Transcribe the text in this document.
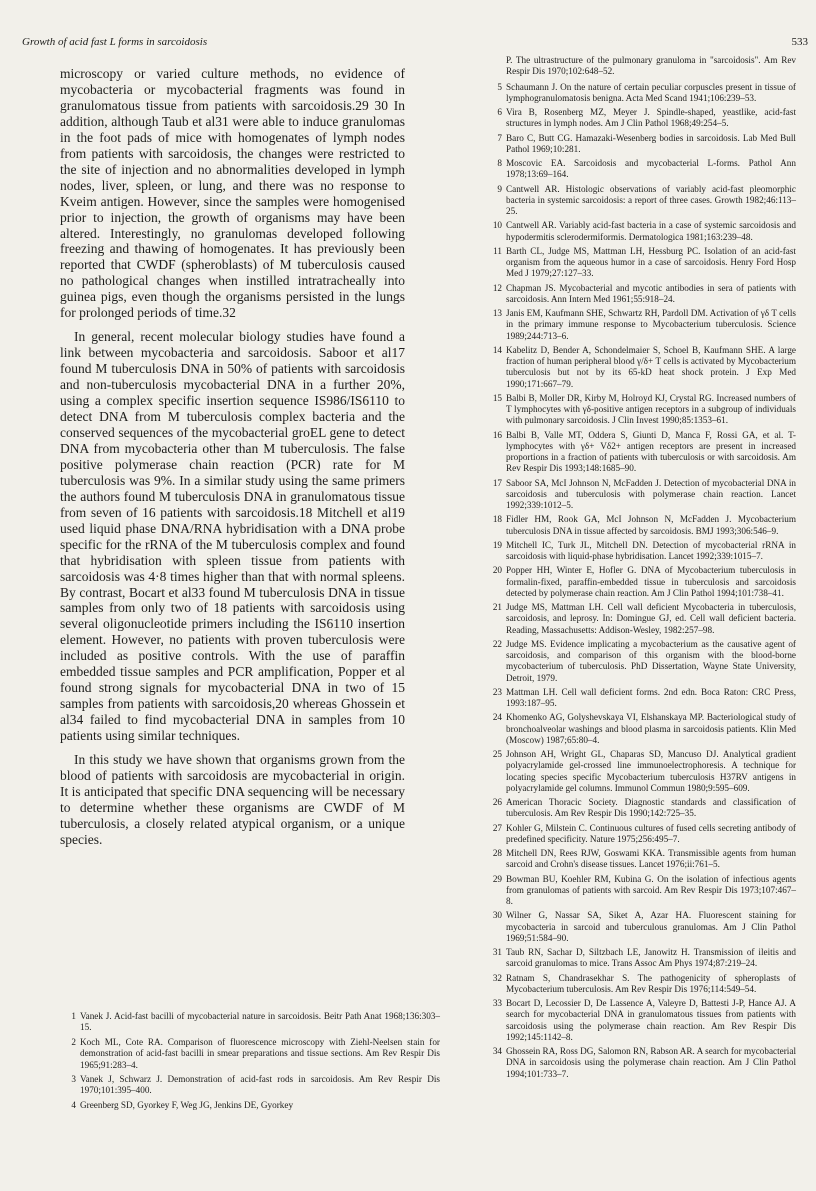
Growth of acid fast L forms in sarcoidosis	533

microscopy or varied culture methods, no evidence of mycobacteria or mycobacterial fragments was found in granulomatous tissue from patients with sarcoidosis.29 30 In addition, although Taub et al31 were able to induce granulomas in the foot pads of mice with homogenates of lymph nodes from patients with sarcoidosis, the changes were restricted to the site of injection and no abnormalities developed in lymph nodes, liver, spleen, or lung, and there was no response to Kveim antigen. However, since the samples were homogenised prior to injection, the growth of organisms may have been altered. Interestingly, no granulomas developed following freezing and thawing of homogenates. It has previously been reported that CWDF (spheroblasts) of M tuberculosis caused no pathological changes when instilled intratracheally into guinea pigs, even though the organisms persisted in the lungs for prolonged periods of time.32

In general, recent molecular biology studies have found a link between mycobacteria and sarcoidosis. Saboor et al17 found M tuberculosis DNA in 50% of patients with sarcoidosis and non-tuberculosis mycobacterial DNA in a further 20%, using a complex specific insertion sequence IS986/IS6110 to detect DNA from M tuberculosis complex bacteria and the conserved sequences of the mycobacterial groEL gene to detect DNA from mycobacteria other than M tuberculosis. The false positive polymerase chain reaction (PCR) rate for M tuberculosis was 9%. In a similar study using the same primers the authors found M tuberculosis DNA in granulomatous tissue from seven of 16 patients with sarcoidosis.18 Mitchell et al19 used liquid phase DNA/RNA hybridisation with a DNA probe specific for the rRNA of the M tuberculosis complex and found that hybridisation with spleen tissue from patients with sarcoidosis was 4·8 times higher than that with normal spleens. By contrast, Bocart et al33 found M tuberculosis DNA in tissue samples from only two of 18 patients with sarcoidosis using several oligonucleotide primers including the IS6110 insertion element. However, no patients with proven tuberculosis were included as positive controls. With the use of paraffin embedded tissue samples and PCR amplification, Popper et al found strong signals for mycobacterial DNA in two of 15 samples from patients with sarcoidosis,20 whereas Ghossein et al34 failed to find mycobacterial DNA in samples from 10 patients using similar techniques.

In this study we have shown that organisms grown from the blood of patients with sarcoidosis are mycobacterial in origin. It is anticipated that specific DNA sequencing will be necessary to determine whether these organisms are CWDF of M tuberculosis, a closely related atypical organism, or a unique species.

1 Vanek J. Acid-fast bacilli of mycobacterial nature in sarcoidosis. Beitr Path Anat 1968;136:303–15.
2 Koch ML, Cote RA. Comparison of fluorescence microscopy with Ziehl-Neelsen stain for demonstration of acid-fast bacilli in smear preparations and tissue sections. Am Rev Respir Dis 1965;91:283–4.
3 Vanek J, Schwarz J. Demonstration of acid-fast rods in sarcoidosis. Am Rev Respir Dis 1970;101:395–400.
4 Greenberg SD, Gyorkey F, Weg JG, Jenkins DE, Gyorkey
P. The ultrastructure of the pulmonary granuloma in "sarcoidosis". Am Rev Respir Dis 1970;102:648–52.
5 Schaumann J. On the nature of certain peculiar corpuscles present in tissue of lymphogranulomatosis benigna. Acta Med Scand 1941;106:239–53.
6 Vira B, Rosenberg MZ, Meyer J. Spindle-shaped, yeastlike, acid-fast structures in lymph nodes. Am J Clin Pathol 1968;49:254–5.
7 Baro C, Butt CG. Hamazaki-Wesenberg bodies in sarcoidosis. Lab Med Bull Pathol 1969;10:281.
8 Moscovic EA. Sarcoidosis and mycobacterial L-forms. Pathol Ann 1978;13:69–164.
9 Cantwell AR. Histologic observations of variably acid-fast pleomorphic bacteria in systemic sarcoidosis: a report of three cases. Growth 1982;46:113–25.
10 Cantwell AR. Variably acid-fast bacteria in a case of systemic sarcoidosis and hypodermitis sclerodermiformis. Dermatologica 1981;163:239–48.
11 Barth CL, Judge MS, Mattman LH, Hessburg PC. Isolation of an acid-fast organism from the aqueous humor in a case of sarcoidosis. Henry Ford Hosp Med J 1979;27:127–33.
12 Chapman JS. Mycobacterial and mycotic antibodies in sera of patients with sarcoidosis. Ann Intern Med 1961;55:918–24.
13 Janis EM, Kaufmann SHE, Schwartz RH, Pardoll DM. Activation of γδ T cells in the primary immune response to Mycobacterium tuberculosis. Science 1989;244:713–6.
14 Kabelitz D, Bender A, Schondelmaier S, Schoel B, Kaufmann SHE. A large fraction of human peripheral blood γ/δ+ T cells is activated by Mycobacterium tuberculosis but not by its 65-kD heat shock protein. J Exp Med 1990;171:667–79.
15 Balbi B, Moller DR, Kirby M, Holroyd KJ, Crystal RG. Increased numbers of T lymphocytes with γδ-positive antigen receptors in a subgroup of individuals with pulmonary sarcoidosis. J Clin Invest 1990;85:1353–61.
16 Balbi B, Valle MT, Oddera S, Giunti D, Manca F, Rossi GA, et al. T-lymphocytes with γδ+ Vδ2+ antigen receptors are present in increased proportions in a fraction of patients with tuberculosis or with sarcoidosis. Am Rev Respir Dis 1993;148:1685–90.
17 Saboor SA, McI Johnson N, McFadden J. Detection of mycobacterial DNA in sarcoidosis and tuberculosis with polymerase chain reaction. Lancet 1992;339:1012–5.
18 Fidler HM, Rook GA, McI Johnson N, McFadden J. Mycobacterium tuberculosis DNA in tissue affected by sarcoidosis. BMJ 1993;306:546–9.
19 Mitchell IC, Turk JL, Mitchell DN. Detection of mycobacterial rRNA in sarcoidosis with liquid-phase hybridisation. Lancet 1992;339:1015–7.
20 Popper HH, Winter E, Hofler G. DNA of Mycobacterium tuberculosis in formalin-fixed, paraffin-embedded tissue in tuberculosis and sarcoidosis detected by polymerase chain reaction. Am J Clin Pathol 1994;101:738–41.
21 Judge MS, Mattman LH. Cell wall deficient Mycobacteria in tuberculosis, sarcoidosis, and leprosy. In: Domingue GJ, ed. Cell wall deficient bacteria. Reading, Massachusetts: Addison-Wesley, 1982:257–98.
22 Judge MS. Evidence implicating a mycobacterium as the causative agent of sarcoidosis, and comparison of this organism with the blood-borne mycobacterium of tuberculosis. PhD Dissertation, Wayne State University, Detroit, 1979.
23 Mattman LH. Cell wall deficient forms. 2nd edn. Boca Raton: CRC Press, 1993:187–95.
24 Khomenko AG, Golyshevskaya VI, Elshanskaya MP. Bacteriological study of bronchoalveolar washings and blood plasma in sarcoidosis patients. Klin Med (Moscow) 1987;65:80–4.
25 Johnson AH, Wright GL, Chaparas SD, Mancuso DJ. Analytical gradient polyacrylamide gel-crossed line immunoelectrophoresis. A technique for locating species specific Mycobacterium tuberculosis H37RV antigens in polyacrylamide gel columns. Immunol Commun 1980;9:595–609.
26 American Thoracic Society. Diagnostic standards and classification of tuberculosis. Am Rev Respir Dis 1990;142:725–35.
27 Kohler G, Milstein C. Continuous cultures of fused cells secreting antibody of predefined specificity. Nature 1975;256:495–7.
28 Mitchell DN, Rees RJW, Goswami KKA. Transmissible agents from human sarcoid and Crohn's disease tissues. Lancet 1976;ii:761–5.
29 Bowman BU, Koehler RM, Kubina G. On the isolation of infectious agents from granulomas of patients with sarcoid. Am Rev Respir Dis 1973;107:467–8.
30 Wilner G, Nassar SA, Siket A, Azar HA. Fluorescent staining for mycobacteria in sarcoid and tuberculous granulomas. Am J Clin Pathol 1969;51:584–90.
31 Taub RN, Sachar D, Siltzbach LE, Janowitz H. Transmission of ileitis and sarcoid granulomas to mice. Trans Assoc Am Phys 1974;87:219–24.
32 Ratnam S, Chandrasekhar S. The pathogenicity of spheroplasts of Mycobacterium tuberculosis. Am Rev Respir Dis 1976;114:549–54.
33 Bocart D, Lecossier D, De Lassence A, Valeyre D, Battesti J-P, Hance AJ. A search for mycobacterial DNA in granulomatous tissues from patients with sarcoidosis using the polymerase chain reaction. Am Rev Respir Dis 1992;145:1142–8.
34 Ghossein RA, Ross DG, Salomon RN, Rabson AR. A search for mycobacterial DNA in sarcoidosis using the polymerase chain reaction. Am J Clin Pathol 1994;101:733–7.
